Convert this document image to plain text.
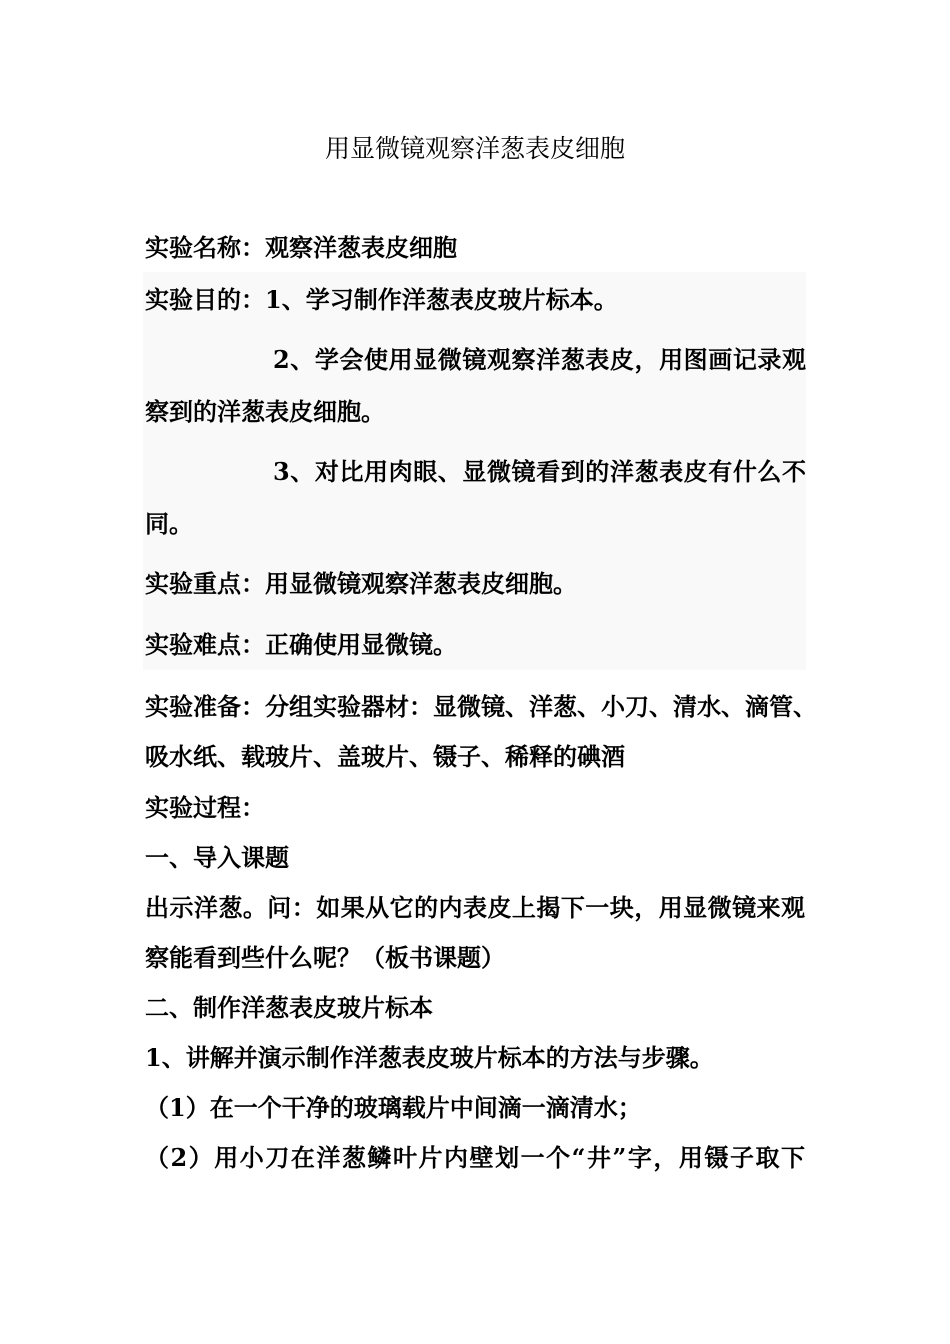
用显微镜观察洋葱表皮细胞
实验名称：观察洋葱表皮细胞
实验目的：1、学习制作洋葱表皮玻片标本。
2、学会使用显微镜观察洋葱表皮，用图画记录观
察到的洋葱表皮细胞。
3、对比用肉眼、显微镜看到的洋葱表皮有什么不
同。
实验重点：用显微镜观察洋葱表皮细胞。
实验难点：正确使用显微镜。
实验准备：分组实验器材：显微镜、洋葱、小刀、清水、滴管、
吸水纸、载玻片、盖玻片、镊子、稀释的碘酒
实验过程：
一、导入课题
出示洋葱。问：如果从它的内表皮上揭下一块，用显微镜来观
察能看到些什么呢？（板书课题）
二、制作洋葱表皮玻片标本
1、讲解并演示制作洋葱表皮玻片标本的方法与步骤。
（1）在一个干净的玻璃载片中间滴一滴清水；
（2）用小刀在洋葱鳞叶片内壁划一个“井”字，用镊子取下
